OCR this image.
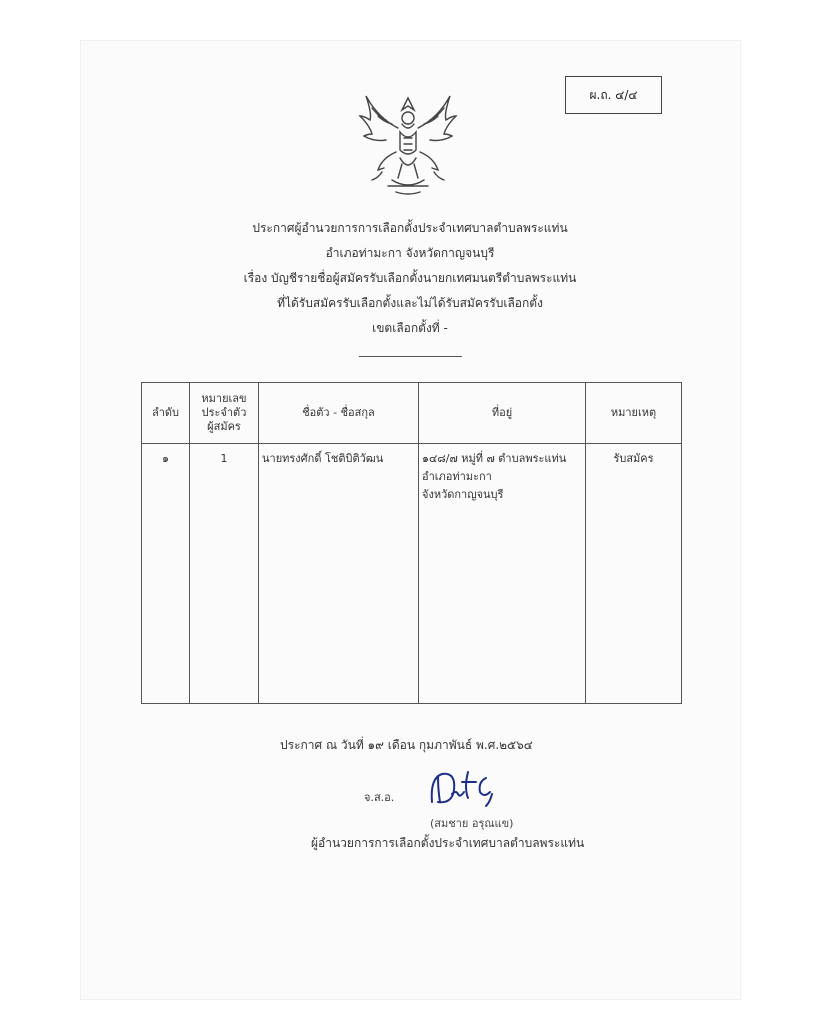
ผ.ถ. ๔/๔
ประกาศผู้อำนวยการการเลือกตั้งประจำเทศบาลตำบลพระแท่น
อำเภอท่ามะกา จังหวัดกาญจนบุรี
เรื่อง บัญชีรายชื่อผู้สมัครรับเลือกตั้งนายกเทศมนตรีตำบลพระแท่น
ที่ได้รับสมัครรับเลือกตั้งและไม่ได้รับสมัครรับเลือกตั้ง
เขตเลือกตั้งที่ -
ลำดับ	หมายเลข
ประจำตัว
ผู้สมัคร	ชื่อตัว - ชื่อสกุล	ที่อยู่	หมายเหตุ
๑	1	นายทรงศักดิ์ โชติบิติวัฒน	๑๔๘/๗ หมู่ที่ ๗ ตำบลพระแท่น
อำเภอท่ามะกา
จังหวัดกาญจนบุรี	รับสมัคร
ประกาศ ณ วันที่ ๑๙ เดือน กุมภาพันธ์ พ.ศ.๒๕๖๔
จ.ส.อ.
(สมชาย อรุณแข)
ผู้อำนวยการการเลือกตั้งประจำเทศบาลตำบลพระแท่น
